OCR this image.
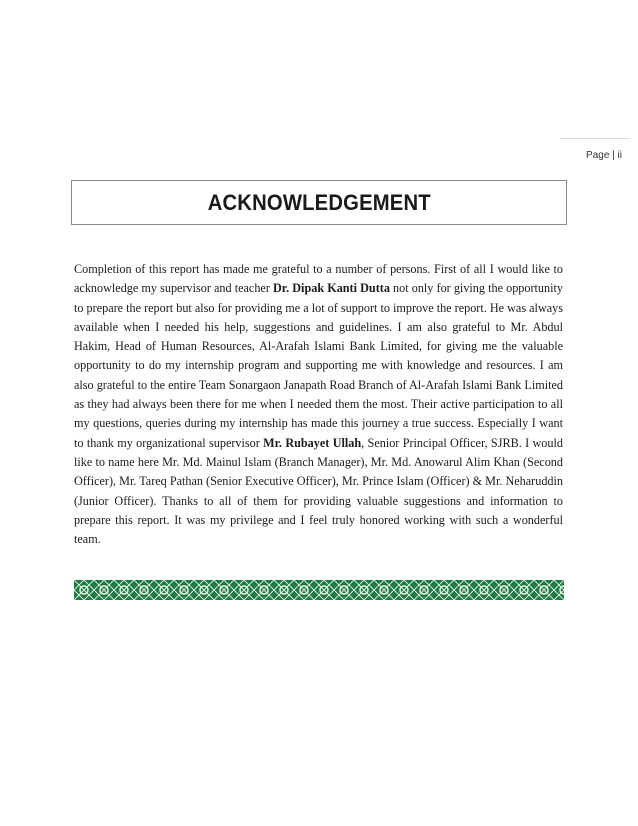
Page | ii
ACKNOWLEDGEMENT

Completion of this report has made me grateful to a number of persons. First of all I would like to acknowledge my supervisor and teacher Dr. Dipak Kanti Dutta not only for giving the opportunity to prepare the report but also for providing me a lot of support to improve the report. He was always available when I needed his help, suggestions and guidelines. I am also grateful to Mr. Abdul Hakim, Head of Human Resources, Al-Arafah Islami Bank Limited, for giving me the valuable opportunity to do my internship program and supporting me with knowledge and resources. I am also grateful to the entire Team Sonargaon Janapath Road Branch of Al-Arafah Islami Bank Limited as they had always been there for me when I needed them the most. Their active participation to all my questions, queries during my internship has made this journey a true success. Especially I want to thank my organizational supervisor Mr. Rubayet Ullah, Senior Principal Officer, SJRB. I would like to name here Mr. Md. Mainul Islam (Branch Manager), Mr. Md. Anowarul Alim Khan (Second Officer), Mr. Tareq Pathan (Senior Executive Officer), Mr. Prince Islam (Officer) & Mr. Neharuddin (Junior Officer). Thanks to all of them for providing valuable suggestions and information to prepare this report. It was my privilege and I feel truly honored working with such a wonderful team.
